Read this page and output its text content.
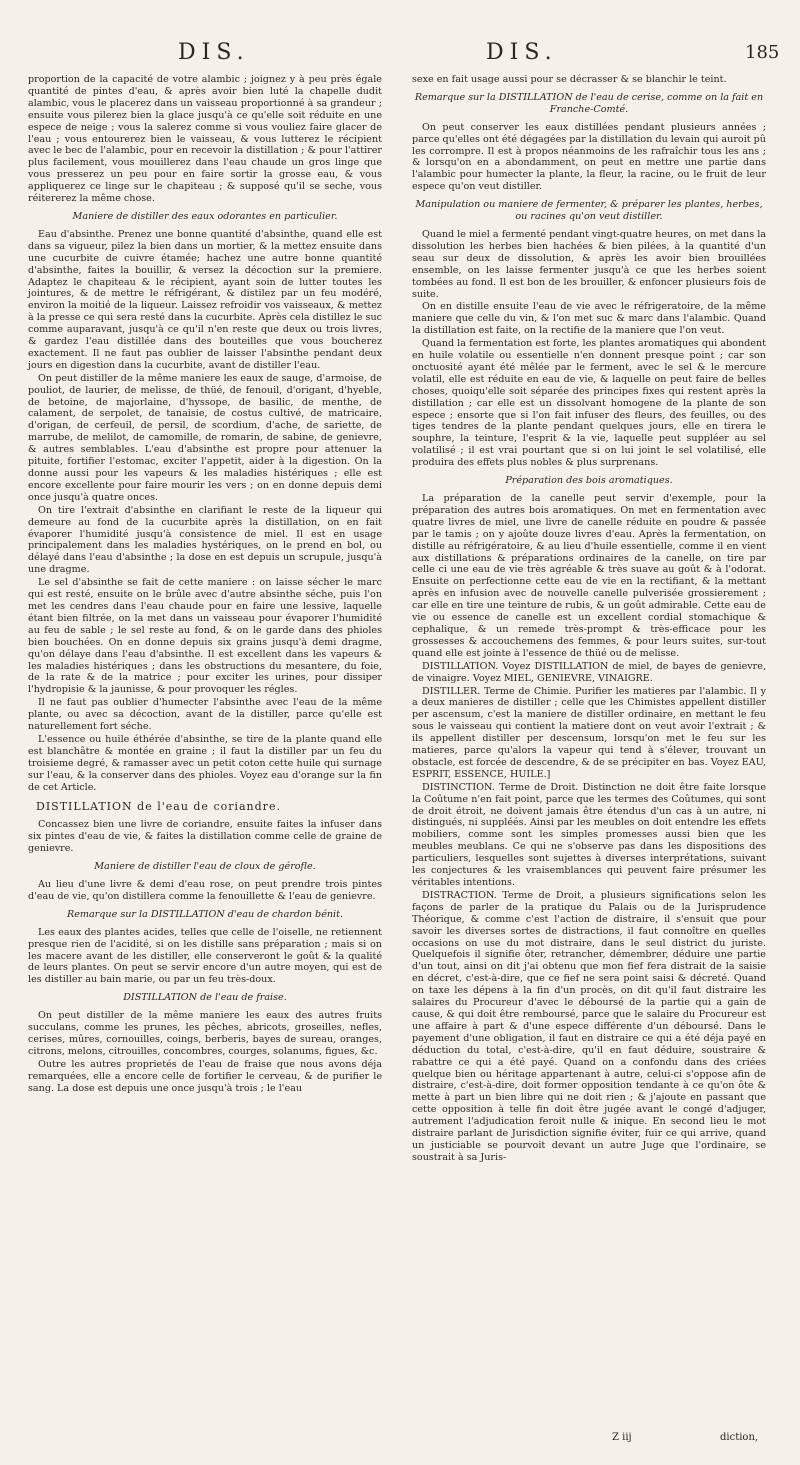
DIS.	DIS.	185

proportion de la capacité de votre alambic ; joignez y à peu près égale quantité de pintes d'eau, & après avoir bien luté la chapelle dudit alambic, vous le placerez dans un vaisseau proportionné à sa grandeur ; ensuite vous pilerez bien la glace jusqu'à ce qu'elle soit réduite en une espece de neige ; vous la salerez comme si vous vouliez faire glacer de l'eau ; vous entourerez bien le vaisseau, & vous lutterez le récipient avec le bec de l'alambic, pour en recevoir la distillation ; & pour l'attirer plus facilement, vous mouillerez dans l'eau chaude un gros linge que vous presserez un peu pour en faire sortir la grosse eau, & vous appliquerez ce linge sur le chapiteau ; & supposé qu'il se seche, vous réitererez la même chose.

Maniere de distiller des eaux odorantes en particulier.

Eau d'absinthe. Prenez une bonne quantité d'absinthe, quand elle est dans sa vigueur, pilez la bien dans un mortier, & la mettez ensuite dans une cucurbite de cuivre étamée; hachez une autre bonne quantité d'absinthe, faites la bouillir, & versez la décoction sur la premiere. Adaptez le chapiteau & le récipient, ayant soin de lutter toutes les jointures, & de mettre le réfrigérant, & distilez par un feu modéré, environ la moitié de la liqueur. Laissez refroidir vos vaisseaux, & mettez à la presse ce qui sera resté dans la cucurbite. Après cela distillez le suc comme auparavant, jusqu'à ce qu'il n'en reste que deux ou trois livres, & gardez l'eau distillée dans des bouteilles que vous boucherez exactement. Il ne faut pas oublier de laisser l'absinthe pendant deux jours en digestion dans la cucurbite, avant de distiller l'eau.

On peut distiller de la même maniere les eaux de sauge, d'armoise, de pouliot, de laurier, de melisse, de thüé, de fenouil, d'origant, d'hyeble, de betoine, de majorlaine, d'hyssope, de basilic, de menthe, de calament, de serpolet, de tanaisie, de costus cultivé, de matricaire, d'origan, de cerfeuil, de persil, de scordium, d'ache, de sariette, de marrube, de melilot, de camomille, de romarin, de sabine, de genievre, & autres semblables. L'eau d'absinthe est propre pour attenuer la pituite, fortifier l'estomac, exciter l'appetit, aider à la digestion. On la donne aussi pour les vapeurs & les maladies histériques ; elle est encore excellente pour faire mourir les vers ; on en donne depuis demi once jusqu'à quatre onces.

On tire l'extrait d'absinthe en clarifiant le reste de la liqueur qui demeure au fond de la cucurbite après la distillation, on en fait évaporer l'humidité jusqu'à consistence de miel. Il est en usage principalement dans les maladies hystériques, on le prend en bol, ou délayé dans l'eau d'absinthe ; la dose en est depuis un scrupule, jusqu'à une dragme.

Le sel d'absinthe se fait de cette maniere : on laisse sécher le marc qui est resté, ensuite on le brûle avec d'autre absinthe séche, puis l'on met les cendres dans l'eau chaude pour en faire une lessive, laquelle étant bien filtrée, on la met dans un vaisseau pour évaporer l'humidité au feu de sable ; le sel reste au fond, & on le garde dans des phioles bien bouchées. On en donne depuis six grains jusqu'à demi dragme, qu'on délaye dans l'eau d'absinthe. Il est excellent dans les vapeurs & les maladies histériques ; dans les obstructions du mesantere, du foie, de la rate & de la matrice ; pour exciter les urines, pour dissiper l'hydropisie & la jaunisse, & pour provoquer les régles.

Il ne faut pas oublier d'humecter l'absinthe avec l'eau de la même plante, ou avec sa décoction, avant de la distiller, parce qu'elle est naturellement fort séche.

L'essence ou huile éthérée d'absinthe, se tire de la plante quand elle est blanchâtre & montée en graine ; il faut la distiller par un feu du troisieme degré, & ramasser avec un petit coton cette huile qui surnage sur l'eau, & la conserver dans des phioles. Voyez eau d'orange sur la fin de cet Article.

DISTILLATION de l'eau de coriandre.

Concassez bien une livre de coriandre, ensuite faites la infuser dans six pintes d'eau de vie, & faites la distillation comme celle de graine de genievre.

Maniere de distiller l'eau de cloux de gérofle.

Au lieu d'une livre & demi d'eau rose, on peut prendre trois pintes d'eau de vie, qu'on distillera comme la fenouillette & l'eau de genievre.

Remarque sur la DISTILLATION d'eau de chardon bénit.

Les eaux des plantes acides, telles que celle de l'oiselle, ne retiennent presque rien de l'acidité, si on les distille sans préparation ; mais si on les macere avant de les distiller, elle conserveront le goût & la qualité de leurs plantes. On peut se servir encore d'un autre moyen, qui est de les distiller au bain marie, ou par un feu très-doux.

DISTILLATION de l'eau de fraise.

On peut distiller de la même maniere les eaux des autres fruits succulans, comme les prunes, les pêches, abricots, groseilles, nefles, cerises, mûres, cornouilles, coings, berberis, bayes de sureau, oranges, citrons, melons, citrouilles, concombres, courges, solanums, figues, &c.

Outre les autres proprietés de l'eau de fraise que nous avons déja remarquées, elle a encore celle de fortifier le cerveau, & de purifier le sang. La dose est depuis une once jusqu'à trois ; le l'eau

sexe en fait usage aussi pour se décrasser & se blanchir le teint.

Remarque sur la DISTILLATION de l'eau de cerise, comme on la fait en Franche-Comté.

On peut conserver les eaux distillées pendant plusieurs années ; parce qu'elles ont été dégagées par la distillation du levain qui auroit pû les corrompre. Il est à propos néanmoins de les rafraîchir tous les ans ; & lorsqu'on en a abondamment, on peut en mettre une partie dans l'alambic pour humecter la plante, la fleur, la racine, ou le fruit de leur espece qu'on veut distiller.

Manipulation ou maniere de fermenter, & préparer les plantes, herbes, ou racines qu'on veut distiller.

Quand le miel a fermenté pendant vingt-quatre heures, on met dans la dissolution les herbes bien hachées & bien pilées, à la quantité d'un seau sur deux de dissolution, & après les avoir bien brouillées ensemble, on les laisse fermenter jusqu'à ce que les herbes soient tombées au fond. Il est bon de les brouiller, & enfoncer plusieurs fois de suite.

On en distille ensuite l'eau de vie avec le réfrigeratoire, de la même maniere que celle du vin, & l'on met suc & marc dans l'alambic. Quand la distillation est faite, on la rectifie de la maniere que l'on veut.

Quand la fermentation est forte, les plantes aromatiques qui abondent en huile volatile ou essentielle n'en donnent presque point ; car son onctuosité ayant été mêlée par le ferment, avec le sel & le mercure volatil, elle est réduite en eau de vie, & laquelle on peut faire de belles choses, quoiqu'elle soit séparée des principes fixes qui restent après la distillation ; car elle est un dissolvant homogene de la plante de son espece ; ensorte que si l'on fait infuser des fleurs, des feuilles, ou des tiges tendres de la plante pendant quelques jours, elle en tirera le souphre, la teinture, l'esprit & la vie, laquelle peut suppléer au sel volatilisé ; il est vrai pourtant que si on lui joint le sel volatilisé, elle produira des effets plus nobles & plus surprenans.

Préparation des bois aromatiques.

La préparation de la canelle peut servir d'exemple, pour la préparation des autres bois aromatiques. On met en fermentation avec quatre livres de miel, une livre de canelle réduite en poudre & passée par le tamis ; on y ajoûte douze livres d'eau. Après la fermentation, on distille au réfrigératoire, & au lieu d'huile essentielle, comme il en vient aux distillations & préparations ordinaires de la canelle, on tire par celle ci une eau de vie très agréable & très suave au goût & à l'odorat. Ensuite on perfectionne cette eau de vie en la rectifiant, & la mettant après en infusion avec de nouvelle canelle pulverisée grossierement ; car elle en tire une teinture de rubis, & un goût admirable. Cette eau de vie ou essence de canelle est un excellent cordial stomachique & cephalique, & un remede très-prompt & très-efficace pour les grossesses & accouchemens des femmes, & pour leurs suites, sur-tout quand elle est jointe à l'essence de thüé ou de melisse.

DISTILLATION. Voyez DISTILLATION de miel, de bayes de genievre, de vinaigre. Voyez MIEL, GENIEVRE, VINAIGRE.

DISTILLER. Terme de Chimie. Purifier les matieres par l'alambic. Il y a deux manieres de distiller ; celle que les Chimistes appellent distiller per ascensum, c'est la maniere de distiller ordinaire, en mettant le feu sous le vaisseau qui contient la matiere dont on veut avoir l'extrait ; & ils appellent distiller per descensum, lorsqu'on met le feu sur les matieres, parce qu'alors la vapeur qui tend à s'élever, trouvant un obstacle, est forcée de descendre, & de se précipiter en bas. Voyez EAU, ESPRIT, ESSENCE, HUILE.]

DISTINCTION. Terme de Droit. Distinction ne doit être faite lorsque la Coûtume n'en fait point, parce que les termes des Coûtumes, qui sont de droit étroit, ne doivent jamais être étendus d'un cas à un autre, ni distingués, ni suppléés. Ainsi par les meubles on doit entendre les effets mobiliers, comme sont les simples promesses aussi bien que les meubles meublans. Ce qui ne s'observe pas dans les dispositions des particuliers, lesquelles sont sujettes à diverses interprétations, suivant les conjectures & les vraisemblances qui peuvent faire présumer les véritables intentions.

DISTRACTION. Terme de Droit, a plusieurs significations selon les façons de parler de la pratique du Palais ou de la Jurisprudence Théorique, & comme c'est l'action de distraire, il s'ensuit que pour savoir les diverses sortes de distractions, il faut connoître en quelles occasions on use du mot distraire, dans le seul district du juriste. Quelquefois il signifie ôter, retrancher, démembrer, déduire une partie d'un tout, ainsi on dit j'ai obtenu que mon fief fera distrait de la saisie en décret, c'est-à-dire, que ce fief ne sera point saisi & décreté. Quand on taxe les dépens à la fin d'un procès, on dit qu'il faut distraire les salaires du Procureur d'avec le déboursé de la partie qui a gain de cause, & qui doit être remboursé, parce que le salaire du Procureur est une affaire à part & d'une espece différente d'un déboursé. Dans le payement d'une obligation, il faut en distraire ce qui a été déja payé en déduction du total, c'est-à-dire, qu'il en faut déduire, soustraire & rabattre ce qui a été payé. Quand on a confondu dans des criées quelque bien ou héritage appartenant à autre, celui-ci s'oppose afin de distraire, c'est-à-dire, doit former opposition tendante à ce qu'on ôte & mette à part un bien libre qui ne doit rien ; & j'ajoute en passant que cette opposition à telle fin doit être jugée avant le congé d'adjuger, autrement l'adjudication feroit nulle & inique. En second lieu le mot distraire parlant de Jurisdiction signifie éviter, fuir ce qui arrive, quand un justiciable se pourvoit devant un autre Juge que l'ordinaire, se soustrait à sa Juris-

Z iij	diction,
